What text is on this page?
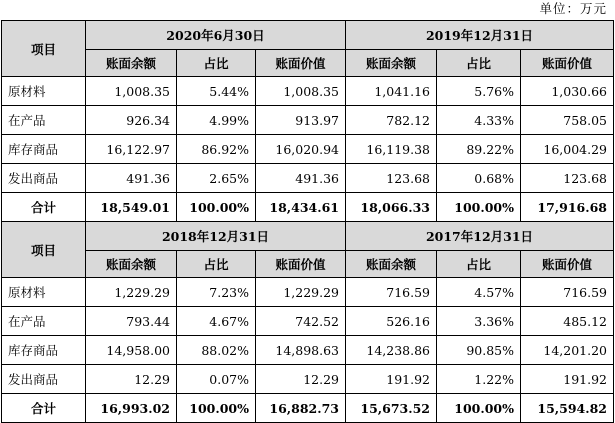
单位：万元
项目	2020年6月30日			2019年12月31日		
	账面余额	占比	账面价值	账面余额	占比	账面价值
原材料	1,008.35	5.44%	1,008.35	1,041.16	5.76%	1,030.66
在产品	926.34	4.99%	913.97	782.12	4.33%	758.05
库存商品	16,122.97	86.92%	16,020.94	16,119.38	89.22%	16,004.29
发出商品	491.36	2.65%	491.36	123.68	0.68%	123.68
合计	18,549.01	100.00%	18,434.61	18,066.33	100.00%	17,916.68
项目	2018年12月31日			2017年12月31日		
	账面余额	占比	账面价值	账面余额	占比	账面价值
原材料	1,229.29	7.23%	1,229.29	716.59	4.57%	716.59
在产品	793.44	4.67%	742.52	526.16	3.36%	485.12
库存商品	14,958.00	88.02%	14,898.63	14,238.86	90.85%	14,201.20
发出商品	12.29	0.07%	12.29	191.92	1.22%	191.92
合计	16,993.02	100.00%	16,882.73	15,673.52	100.00%	15,594.82
